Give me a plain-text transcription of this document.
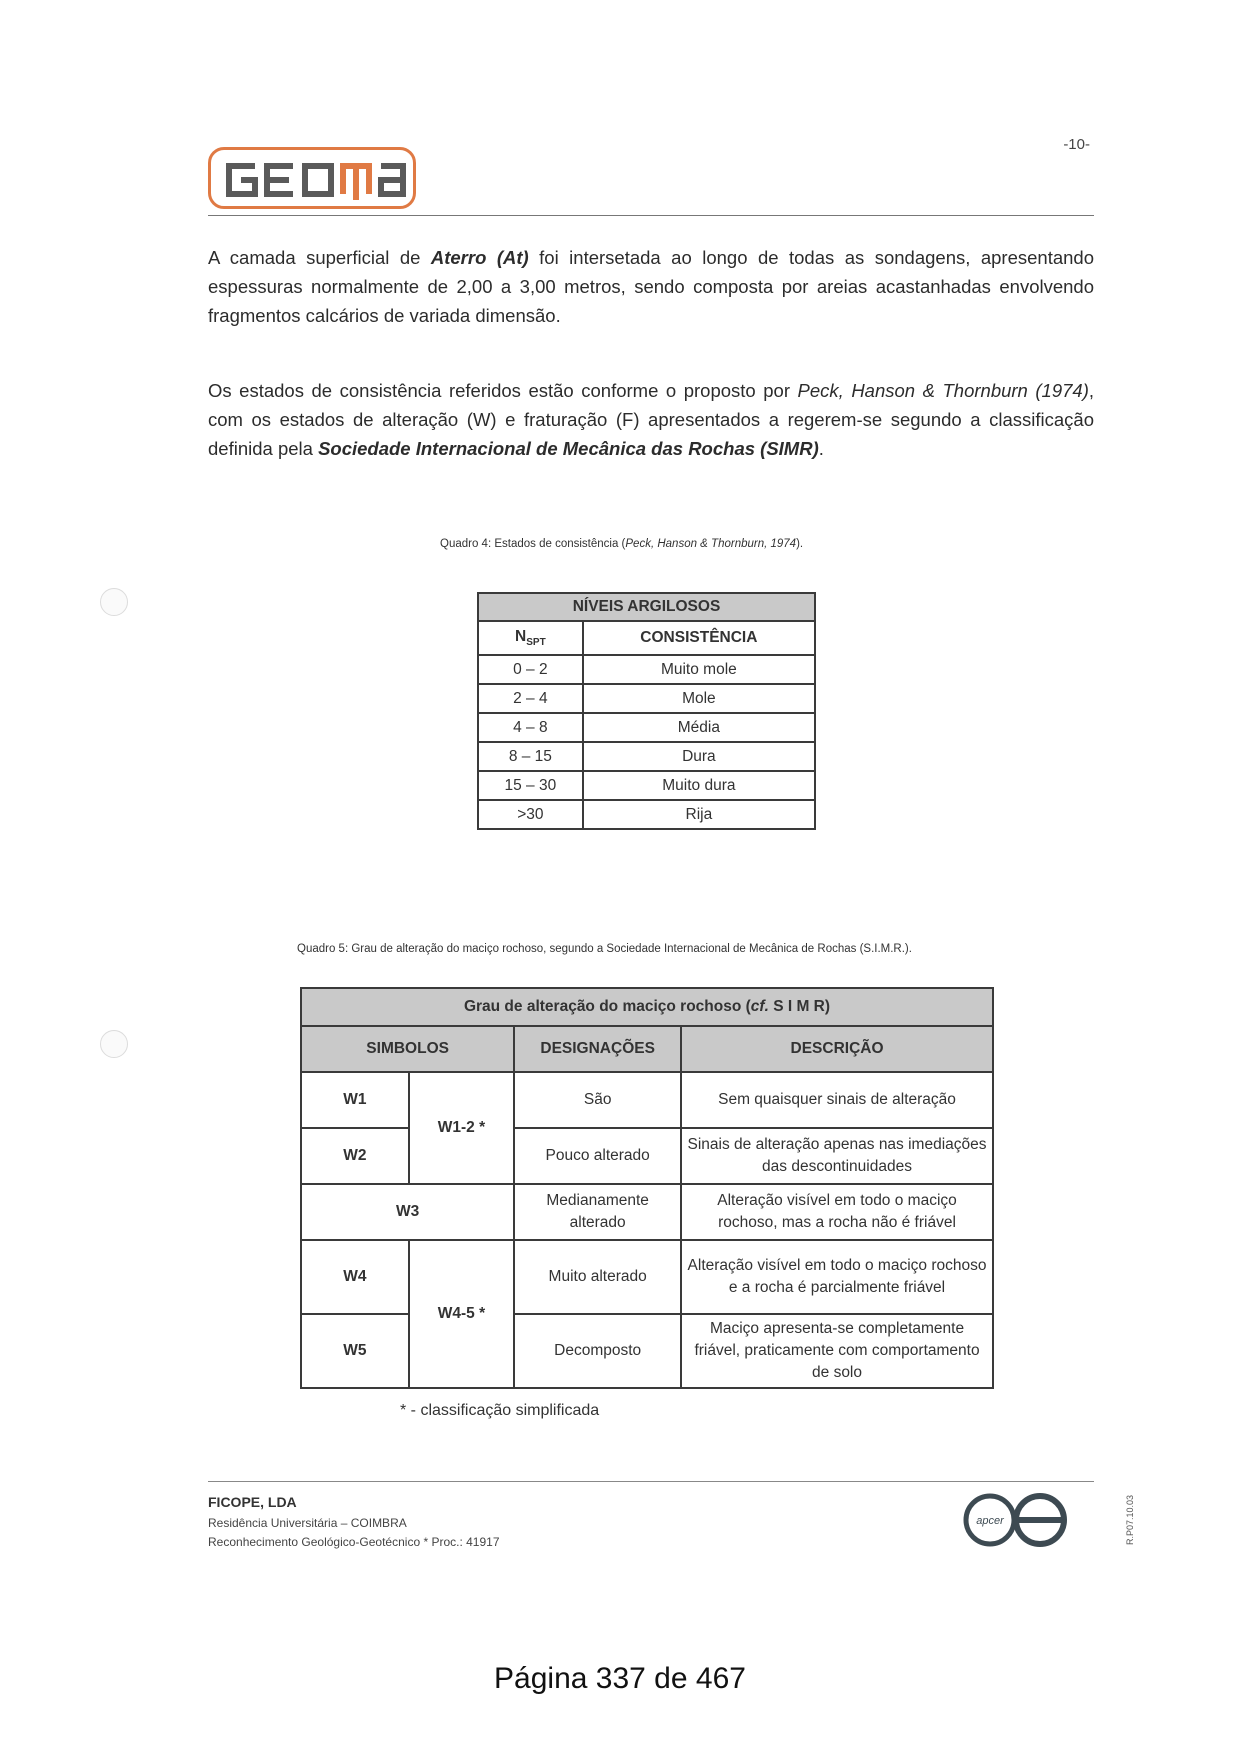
-10-

A camada superficial de Aterro (At) foi intersetada ao longo de todas as sondagens, apresentando espessuras normalmente de 2,00 a 3,00 metros, sendo composta por areias acastanhadas envolvendo fragmentos calcários de variada dimensão.

Os estados de consistência referidos estão conforme o proposto por Peck, Hanson & Thornburn (1974), com os estados de alteração (W) e fraturação (F) apresentados a regerem-se segundo a classificação definida pela Sociedade Internacional de Mecânica das Rochas (SIMR).

Quadro 4: Estados de consistência (Peck, Hanson & Thornburn, 1974).
NÍVEIS ARGILOSOS	
$N_{SPT}$	CONSISTÊNCIA
0 – 2	Muito mole
2 – 4	Mole
4 – 8	Média
8 – 15	Dura
15 – 30	Muito dura
>30	Rija
Quadro 5: Grau de alteração do maciço rochoso, segundo a Sociedade Internacional de Mecânica de Rochas (S.I.M.R.).
Grau de alteração do maciço rochoso (cf. S I M R)			
SIMBOLOS		DESIGNAÇÕES	DESCRIÇÃO
W1	W1-2 *	São	Sem quaisquer sinais de alteração
W2		Pouco alterado	Sinais de alteração apenas nas imediações das descontinuidades
W3		Medianamente alterado	Alteração visível em todo o maciço rochoso, mas a rocha não é friável
W4	W4-5 *	Muito alterado	Alteração visível em todo o maciço rochoso e a rocha é parcialmente friável
W5		Decomposto	Maciço apresenta-se completamente friável, praticamente com comportamento de solo
* - classificação simplificada
FICOPE, LDA
Residência Universitária – COIMBRA
Reconhecimento Geológico-Geotécnico * Proc.: 41917
apcer	R.P07.10.03
Página 337 de 467
